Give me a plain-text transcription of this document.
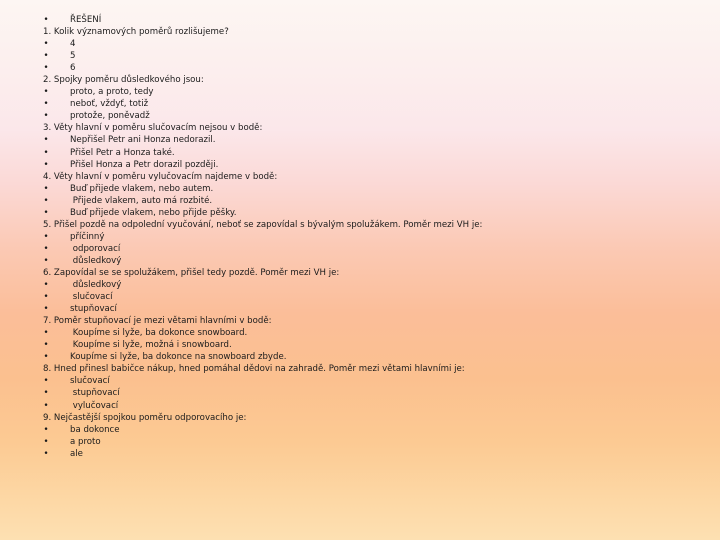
• ŘEŠENÍ
1. Kolik významových poměrů rozlišujeme?
• 4
• 5
• 6
2. Spojky poměru důsledkového jsou:
• proto, a proto, tedy
• neboť, vždyť, totiž
• protože, poněvadž
3. Věty hlavní v poměru slučovacím nejsou v bodě:
• Nepřišel Petr ani Honza nedorazil.
• Přišel Petr a Honza také.
• Přišel Honza a Petr dorazil později.
4. Věty hlavní v poměru vylučovacím najdeme v bodě:
• Buď přijede vlakem, nebo autem.
• Přijede vlakem, auto má rozbité.
• Buď přijede vlakem, nebo přijde pěšky.
5. Přišel pozdě na odpolední vyučování, neboť se zapovídal s bývalým spolužákem. Poměr mezi VH je:
• příčinný
• odporovací
• důsledkový
6. Zapovídal se se spolužákem, přišel tedy pozdě. Poměr mezi VH je:
• důsledkový
• slučovací
• stupňovací
7. Poměr stupňovací je mezi větami hlavními v bodě:
• Koupíme si lyže, ba dokonce snowboard.
• Koupíme si lyže, možná i snowboard.
• Koupíme si lyže, ba dokonce na snowboard zbyde.
8. Hned přinesl babičce nákup, hned pomáhal dědovi na zahradě. Poměr mezi větami hlavními je:
• slučovací
• stupňovací
• vylučovací
9. Nejčastější spojkou poměru odporovacího je:
• ba dokonce
• a proto
• ale
